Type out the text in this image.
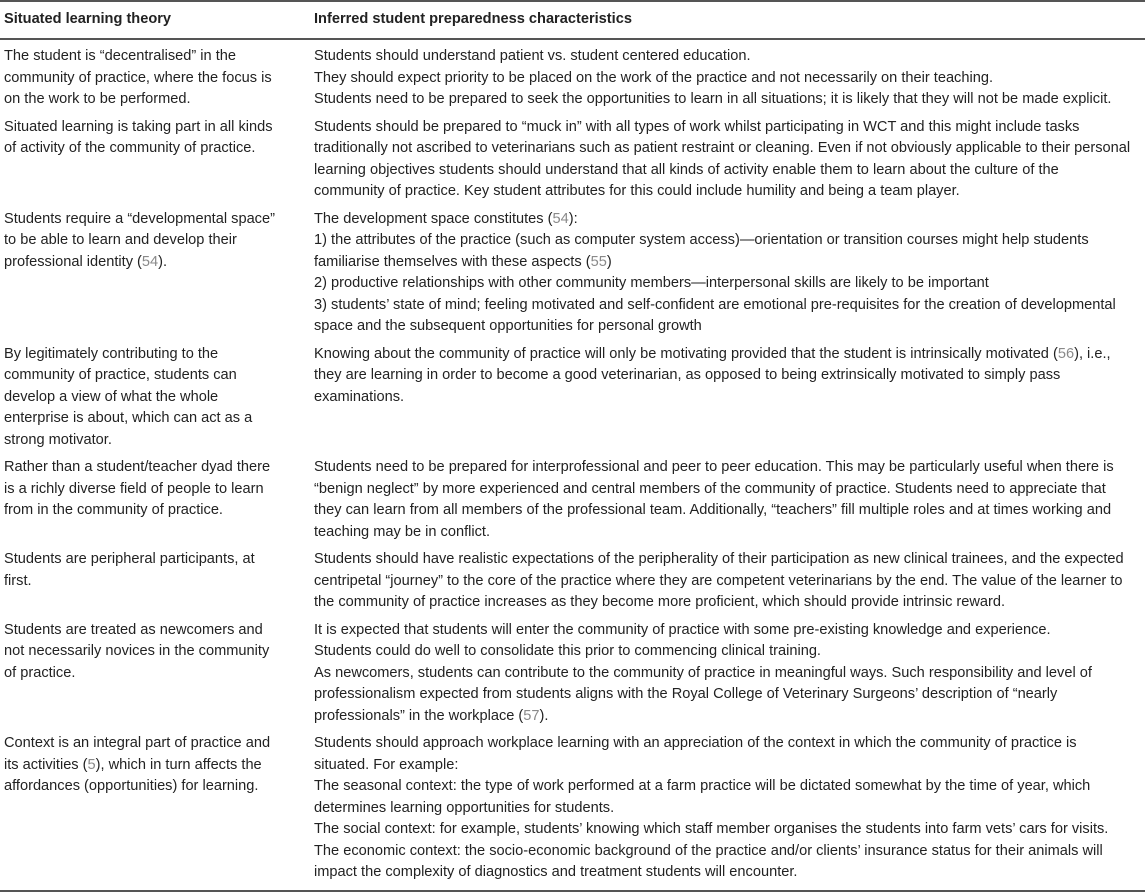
Situated learning theory	Inferred student preparedness characteristics

The student is “decentralised” in the community of practice, where the focus is on the work to be performed.

Students should understand patient vs. student centered education.

They should expect priority to be placed on the work of the practice and not necessarily on their teaching.

Students need to be prepared to seek the opportunities to learn in all situations; it is likely that they will not be made explicit.

Situated learning is taking part in all kinds of activity of the community of practice.

Students should be prepared to “muck in” with all types of work whilst participating in WCT and this might include tasks traditionally not ascribed to veterinarians such as patient restraint or cleaning. Even if not obviously applicable to their personal learning objectives students should understand that all kinds of activity enable them to learn about the culture of the community of practice. Key student attributes for this could include humility and being a team player.

Students require a “developmental space” to be able to learn and develop their professional identity (54).

The development space constitutes (54):

1) the attributes of the practice (such as computer system access)—orientation or transition courses might help students familiarise themselves with these aspects (55)

2) productive relationships with other community members—interpersonal skills are likely to be important

3) students’ state of mind; feeling motivated and self-confident are emotional pre-requisites for the creation of developmental space and the subsequent opportunities for personal growth

By legitimately contributing to the community of practice, students can develop a view of what the whole enterprise is about, which can act as a strong motivator.

Knowing about the community of practice will only be motivating provided that the student is intrinsically motivated (56), i.e., they are learning in order to become a good veterinarian, as opposed to being extrinsically motivated to simply pass examinations.

Rather than a student/teacher dyad there is a richly diverse field of people to learn from in the community of practice.

Students need to be prepared for interprofessional and peer to peer education. This may be particularly useful when there is “benign neglect” by more experienced and central members of the community of practice. Students need to appreciate that they can learn from all members of the professional team. Additionally, “teachers” fill multiple roles and at times working and teaching may be in conflict.

Students are peripheral participants, at first.

Students should have realistic expectations of the peripherality of their participation as new clinical trainees, and the expected centripetal “journey” to the core of the practice where they are competent veterinarians by the end. The value of the learner to the community of practice increases as they become more proficient, which should provide intrinsic reward.

Students are treated as newcomers and not necessarily novices in the community of practice.

It is expected that students will enter the community of practice with some pre-existing knowledge and experience.

Students could do well to consolidate this prior to commencing clinical training.

As newcomers, students can contribute to the community of practice in meaningful ways. Such responsibility and level of professionalism expected from students aligns with the Royal College of Veterinary Surgeons’ description of “nearly professionals” in the workplace (57).

Context is an integral part of practice and its activities (5), which in turn affects the affordances (opportunities) for learning.

Students should approach workplace learning with an appreciation of the context in which the community of practice is situated. For example:

The seasonal context: the type of work performed at a farm practice will be dictated somewhat by the time of year, which determines learning opportunities for students.

The social context: for example, students’ knowing which staff member organises the students into farm vets’ cars for visits.

The economic context: the socio-economic background of the practice and/or clients’ insurance status for their animals will impact the complexity of diagnostics and treatment students will encounter.
